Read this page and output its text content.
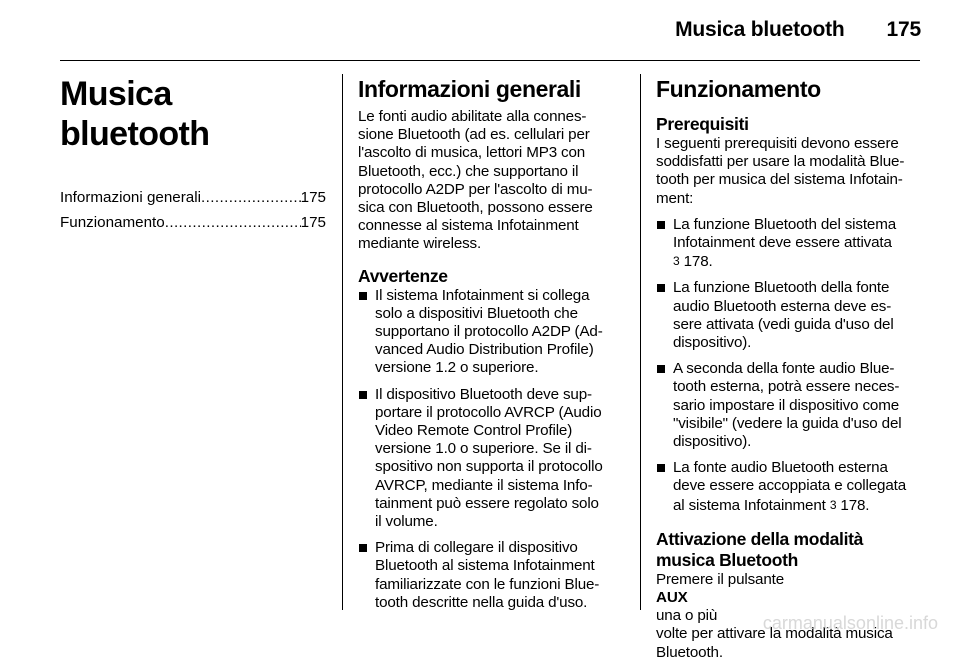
Musica bluetooth 175
Musica bluetooth
Informazioni generali .....	175
Funzionamento .....	175
Informazioni generali

Le fonti audio abilitate alla connes-
sione Bluetooth (ad es. cellulari per
l'ascolto di musica, lettori MP3 con
Bluetooth, ecc.) che supportano il
protocollo A2DP per l'ascolto di mu-
sica con Bluetooth, possono essere
connesse al sistema Infotainment
mediante wireless.

Avvertenze
Il sistema Infotainment si collega
solo a dispositivi Bluetooth che
supportano il protocollo A2DP (Ad-
vanced Audio Distribution Profile)
versione 1.2 o superiore.
Il dispositivo Bluetooth deve sup-
portare il protocollo AVRCP (Audio
Video Remote Control Profile)
versione 1.0 o superiore. Se il di-
spositivo non supporta il protocollo
AVRCP, mediante il sistema Info-
tainment può essere regolato solo
il volume.
Prima di collegare il dispositivo
Bluetooth al sistema Infotainment
familiarizzate con le funzioni Blue-
tooth descritte nella guida d'uso.
Funzionamento
Prerequisiti

I seguenti prerequisiti devono essere
soddisfatti per usare la modalità Blue-
tooth per musica del sistema Infotain-
ment:

La funzione Bluetooth del sistema
Infotainment deve essere attivata
3 178.
La funzione Bluetooth della fonte
audio Bluetooth esterna deve es-
sere attivata (vedi guida d'uso del
dispositivo).
A seconda della fonte audio Blue-
tooth esterna, potrà essere neces-
sario impostare il dispositivo come
"visibile" (vedere la guida d'uso del
dispositivo).
La fonte audio Bluetooth esterna
deve essere accoppiata e collegata
al sistema Infotainment 3 178.
Attivazione della modalità
musica Bluetooth

Premere il pulsante
AUX
una o più
volte per attivare la modalità musica
Bluetooth.

carmanualsonline.info
